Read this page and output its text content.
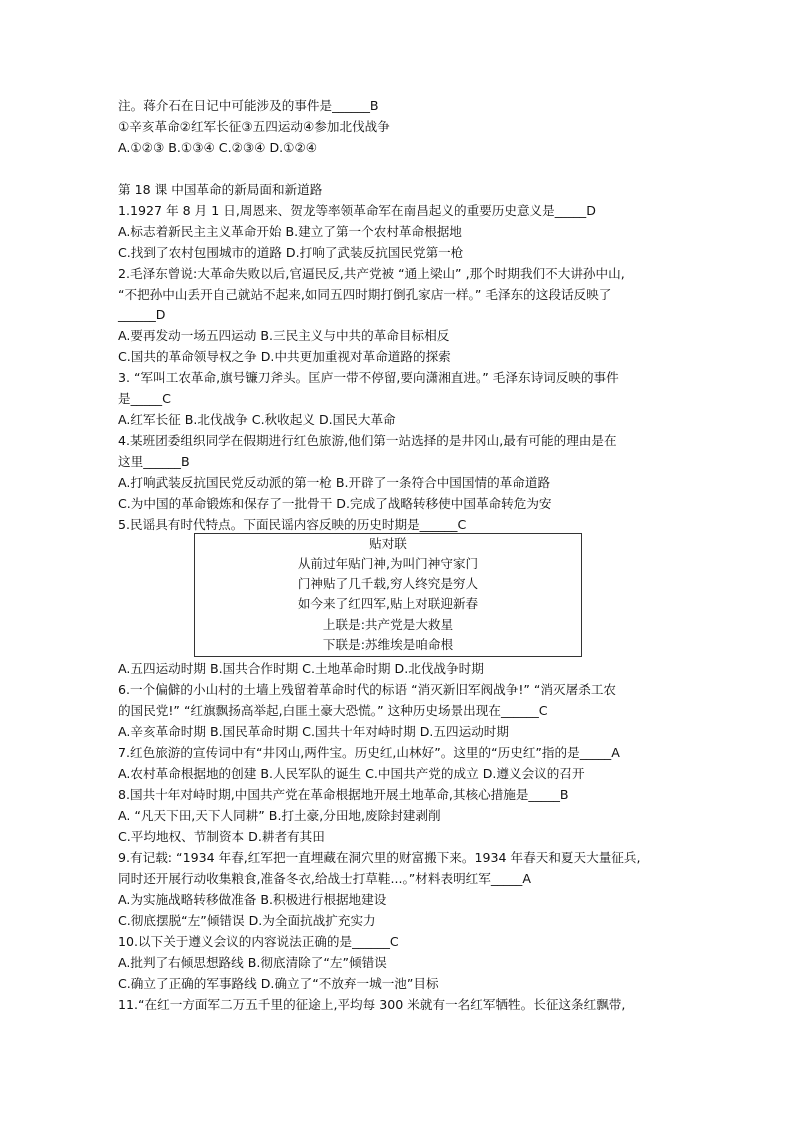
注。蒋介石在日记中可能涉及的事件是______B
①辛亥革命②红军长征③五四运动④参加北伐战争
A.①②③ B.①③④ C.②③④ D.①②④
第 18 课 中国革命的新局面和新道路
1.1927 年 8 月 1 日,周恩来、贺龙等率领革命军在南昌起义的重要历史意义是_____D
A.标志着新民主主义革命开始 B.建立了第一个农村革命根据地
C.找到了农村包围城市的道路 D.打响了武装反抗国民党第一枪
2.毛泽东曾说:大革命失败以后,官逼民反,共产党被 “通上梁山” ,那个时期我们不大讲孙中山,
“不把孙中山丢开自己就站不起来,如同五四时期打倒孔家店一样。” 毛泽东的这段话反映了
______D
A.要再发动一场五四运动 B.三民主义与中共的革命目标相反
C.国共的革命领导权之争 D.中共更加重视对革命道路的探索
3. “军叫工农革命,旗号镰刀斧头。匡庐一带不停留,要向潇湘直进。” 毛泽东诗词反映的事件
是_____C
A.红军长征 B.北伐战争 C.秋收起义 D.国民大革命
4.某班团委组织同学在假期进行红色旅游,他们第一站选择的是井冈山,最有可能的理由是在
这里______B
A.打响武装反抗国民党反动派的第一枪 B.开辟了一条符合中国国情的革命道路
C.为中国的革命锻炼和保存了一批骨干 D.完成了战略转移使中国革命转危为安
5.民谣具有时代特点。下面民谣内容反映的历史时期是______C
贴对联
从前过年贴门神,为叫门神守家门
门神贴了几千载,穷人终究是穷人
如今来了红四军,贴上对联迎新春
上联是:共产党是大救星
下联是:苏维埃是咱命根
A.五四运动时期 B.国共合作时期 C.土地革命时期 D.北伐战争时期
6.一个偏僻的小山村的土墙上残留着革命时代的标语 “消灭新旧军阀战争!” “消灭屠杀工农
的国民党!” “红旗飘扬高举起,白匪土豪大恐慌。” 这种历史场景出现在______C
A.辛亥革命时期 B.国民革命时期 C.国共十年对峙时期 D.五四运动时期
7.红色旅游的宣传词中有“井冈山,两件宝。历史红,山林好”。这里的“历史红”指的是_____A
A.农村革命根据地的创建 B.人民军队的诞生 C.中国共产党的成立 D.遵义会议的召开
8.国共十年对峙时期,中国共产党在革命根据地开展土地革命,其核心措施是_____B
A. “凡天下田,天下人同耕” B.打土豪,分田地,废除封建剥削
C.平均地权、节制资本 D.耕者有其田
9.有记载: “1934 年春,红军把一直埋藏在洞穴里的财富搬下来。1934 年春天和夏天大量征兵,
同时还开展行动收集粮食,准备冬衣,给战士打草鞋...。”材料表明红军_____A
A.为实施战略转移做准备 B.积极进行根据地建设
C.彻底摆脱“左”倾错误 D.为全面抗战扩充实力
10.以下关于遵义会议的内容说法正确的是______C
A.批判了右倾思想路线 B.彻底清除了“左”倾错误
C.确立了正确的军事路线 D.确立了“不放弃一城一池”目标
11.“在红一方面军二万五千里的征途上,平均每 300 米就有一名红军牺牲。长征这条红飘带,
